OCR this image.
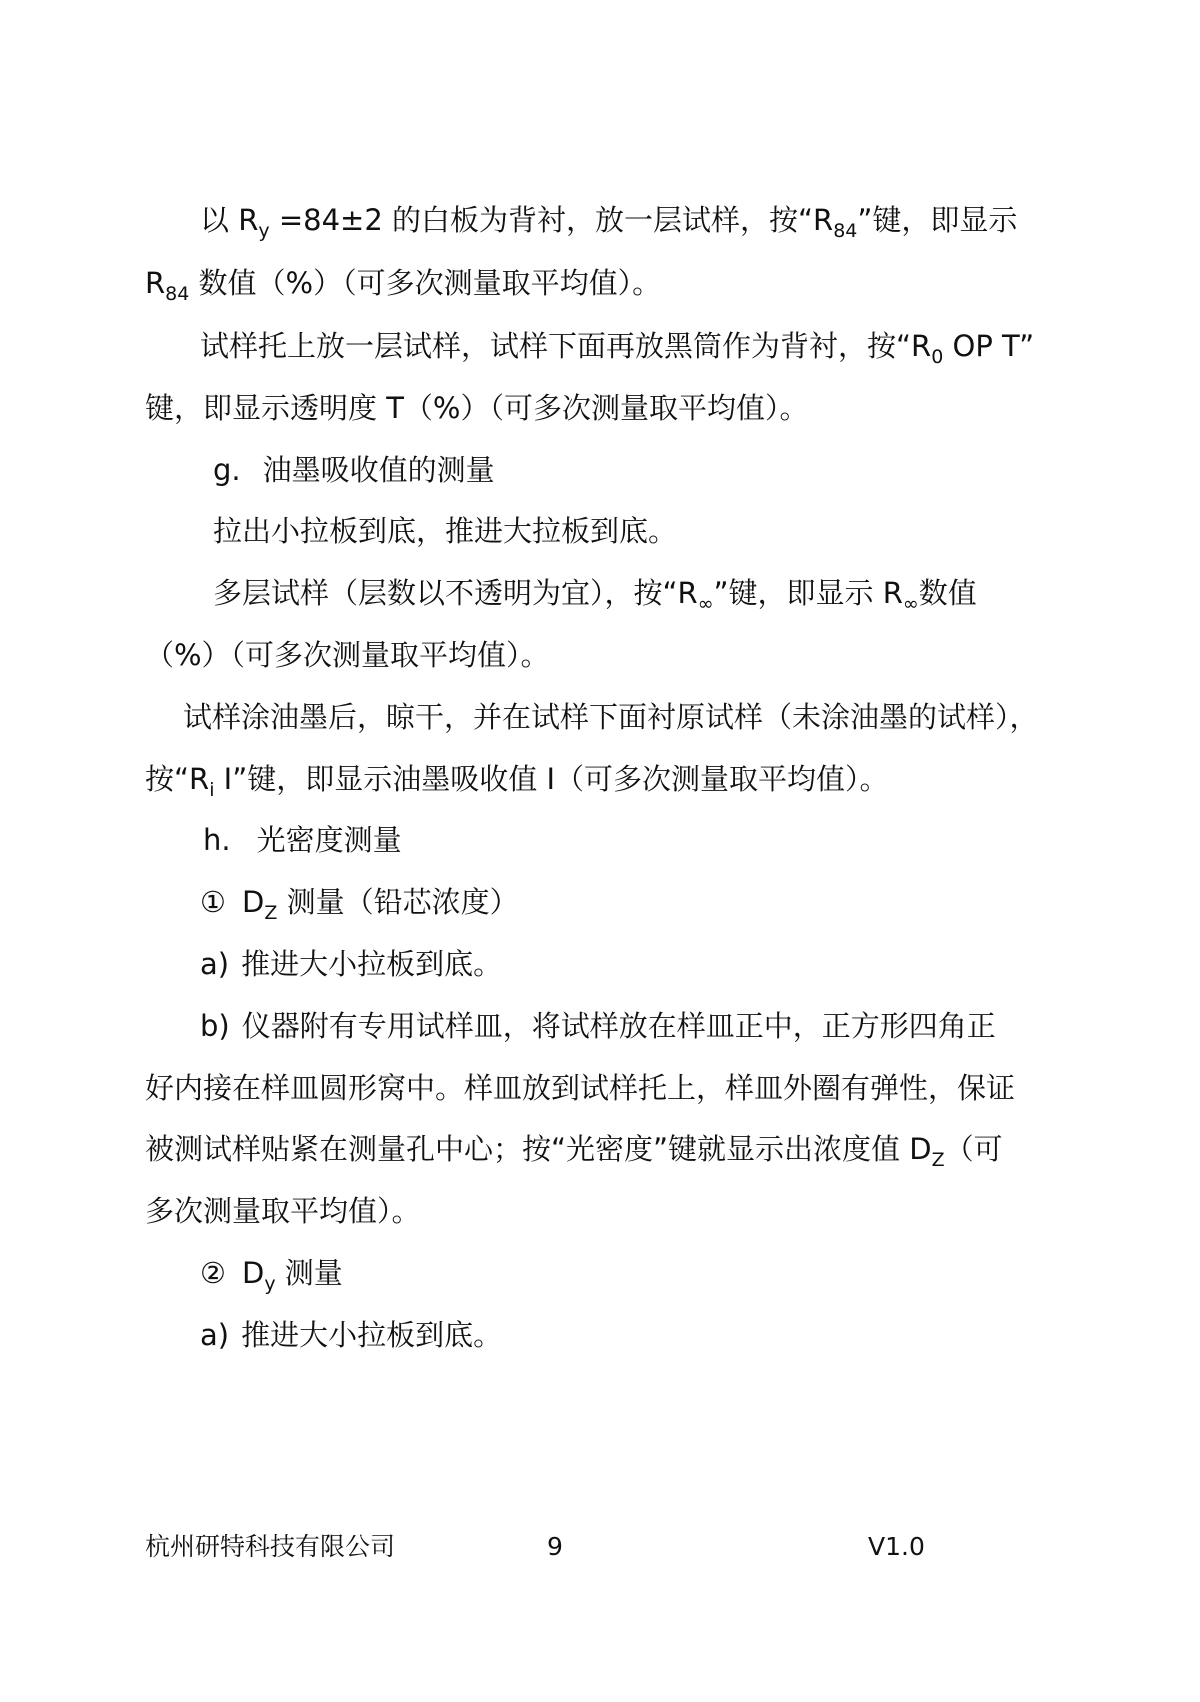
以 $R_y =84\pm 2$ 的白板为背衬，放一层试样，按“$R_{84}$”键，即显示
$R_{84}$ 数值（%）（可多次测量取平均值）。
试样托上放一层试样，试样下面再放黑筒作为背衬，按“$R_0$ OP T”
键，即显示透明度 T（%）（可多次测量取平均值）。
g. 油墨吸收值的测量
拉出小拉板到底，推进大拉板到底。
多层试样（层数以不透明为宜），按“$R_\infty$”键，即显示 $R_\infty$数值
（%）（可多次测量取平均值）。
试样涂油墨后，晾干，并在试样下面衬原试样（未涂油墨的试样），
按“$R_i$ I”键，即显示油墨吸收值 I（可多次测量取平均值）。
h. 光密度测量
① $D_Z$ 测量（铅芯浓度）
a) 推进大小拉板到底。
b) 仪器附有专用试样皿，将试样放在样皿正中，正方形四角正
好内接在样皿圆形窝中。样皿放到试样托上，样皿外圈有弹性，保证
被测试样贴紧在测量孔中心；按“光密度”键就显示出浓度值 $D_Z$（可
多次测量取平均值）。
② $D_y$ 测量
a) 推进大小拉板到底。
杭州研特科技有限公司	9	V1.0
